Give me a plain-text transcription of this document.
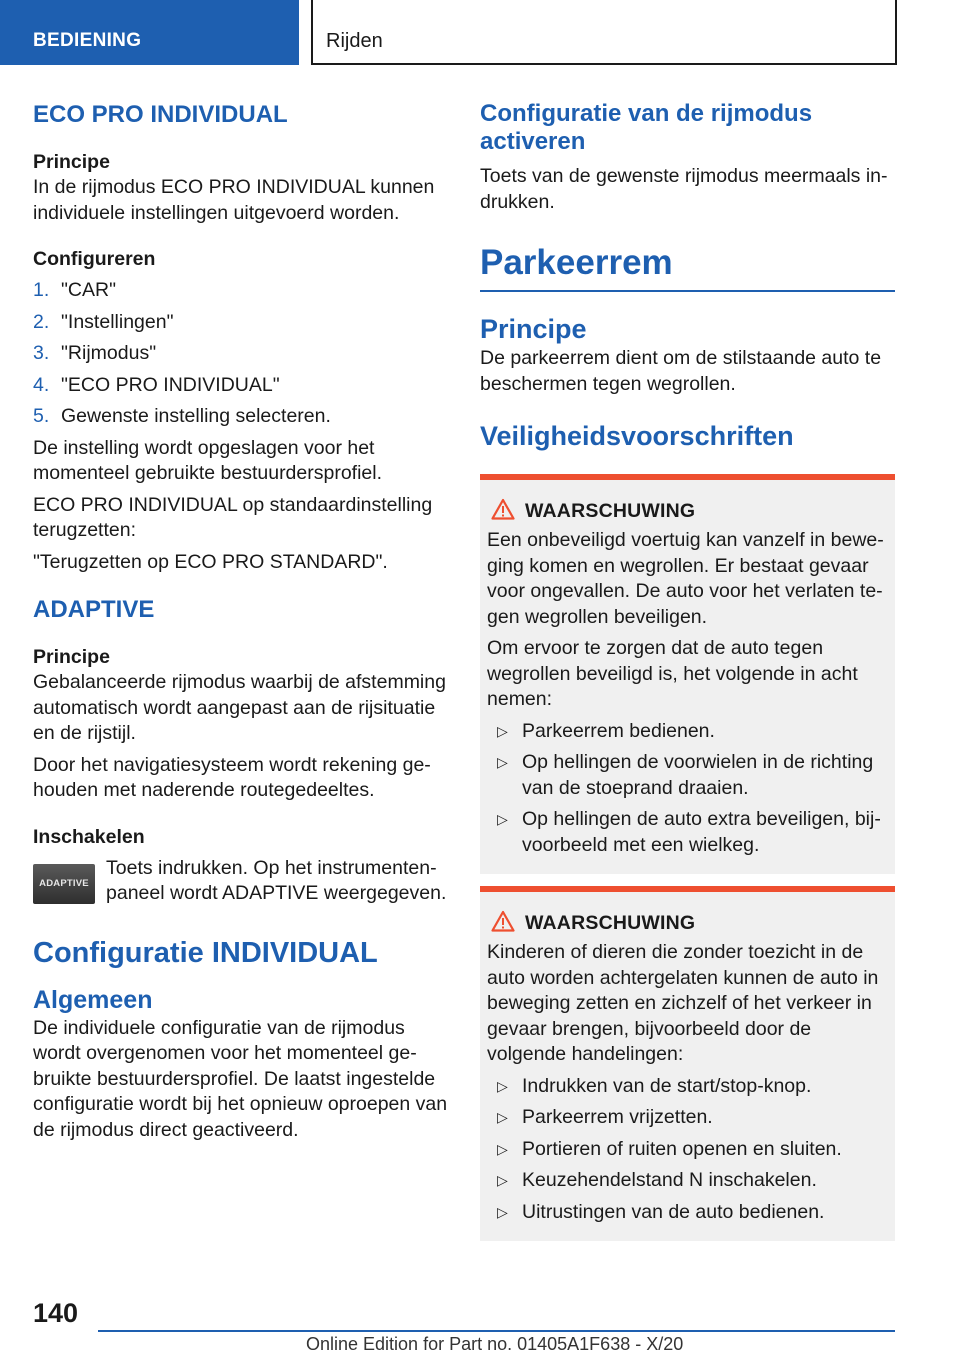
BEDIENING	Rijden

ECO PRO INDIVIDUAL

Principe

In de rijmodus ECO PRO INDIVIDUAL kunnen individuele instellingen uitgevoerd worden.

Configureren

1. "CAR"
2. "Instellingen"
3. "Rijmodus"
4. "ECO PRO INDIVIDUAL"
5. Gewenste instelling selecteren.

De instelling wordt opgeslagen voor het momenteel gebruikte bestuurdersprofiel.

ECO PRO INDIVIDUAL op standaardinstelling terugzetten:

"Terugzetten op ECO PRO STANDARD".

ADAPTIVE

Principe

Gebalanceerde rijmodus waarbij de afstemming automatisch wordt aangepast aan de rijsituatie en de rijstijl.

Door het navigatiesysteem wordt rekening gehouden met naderende routegedeeltes.

Inschakelen

ADAPTIVE

Toets indrukken. Op het instrumentenpaneel wordt ADAPTIVE weergegeven.

Configuratie INDIVIDUAL

Algemeen

De individuele configuratie van de rijmodus wordt overgenomen voor het momenteel gebruikte bestuurdersprofiel. De laatst ingestelde configuratie wordt bij het opnieuw oproepen van de rijmodus direct geactiveerd.

Configuratie van de rijmodus activeren

Toets van de gewenste rijmodus meermaals indrukken.

Parkeerrem

Principe

De parkeerrem dient om de stilstaande auto te beschermen tegen wegrollen.

Veiligheidsvoorschriften

WAARSCHUWING

Een onbeveiligd voertuig kan vanzelf in beweging komen en wegrollen. Er bestaat gevaar voor ongevallen. De auto voor het verlaten tegen wegrollen beveiligen.

Om ervoor te zorgen dat de auto tegen wegrollen beveiligd is, het volgende in acht nemen:

▷ Parkeerrem bedienen.
▷ Op hellingen de voorwielen in de richting van de stoeprand draaien.
▷ Op hellingen de auto extra beveiligen, bijvoorbeeld met een wielkeg.
WAARSCHUWING

Kinderen of dieren die zonder toezicht in de auto worden achtergelaten kunnen de auto in beweging zetten en zichzelf of het verkeer in gevaar brengen, bijvoorbeeld door de volgende handelingen:

▷ Indrukken van de start/stop-knop.
▷ Parkeerrem vrijzetten.
▷ Portieren of ruiten openen en sluiten.
▷ Keuzehendelstand N inschakelen.
▷ Uitrustingen van de auto bedienen.
140
Online Edition for Part no. 01405A1F638 - X/20
